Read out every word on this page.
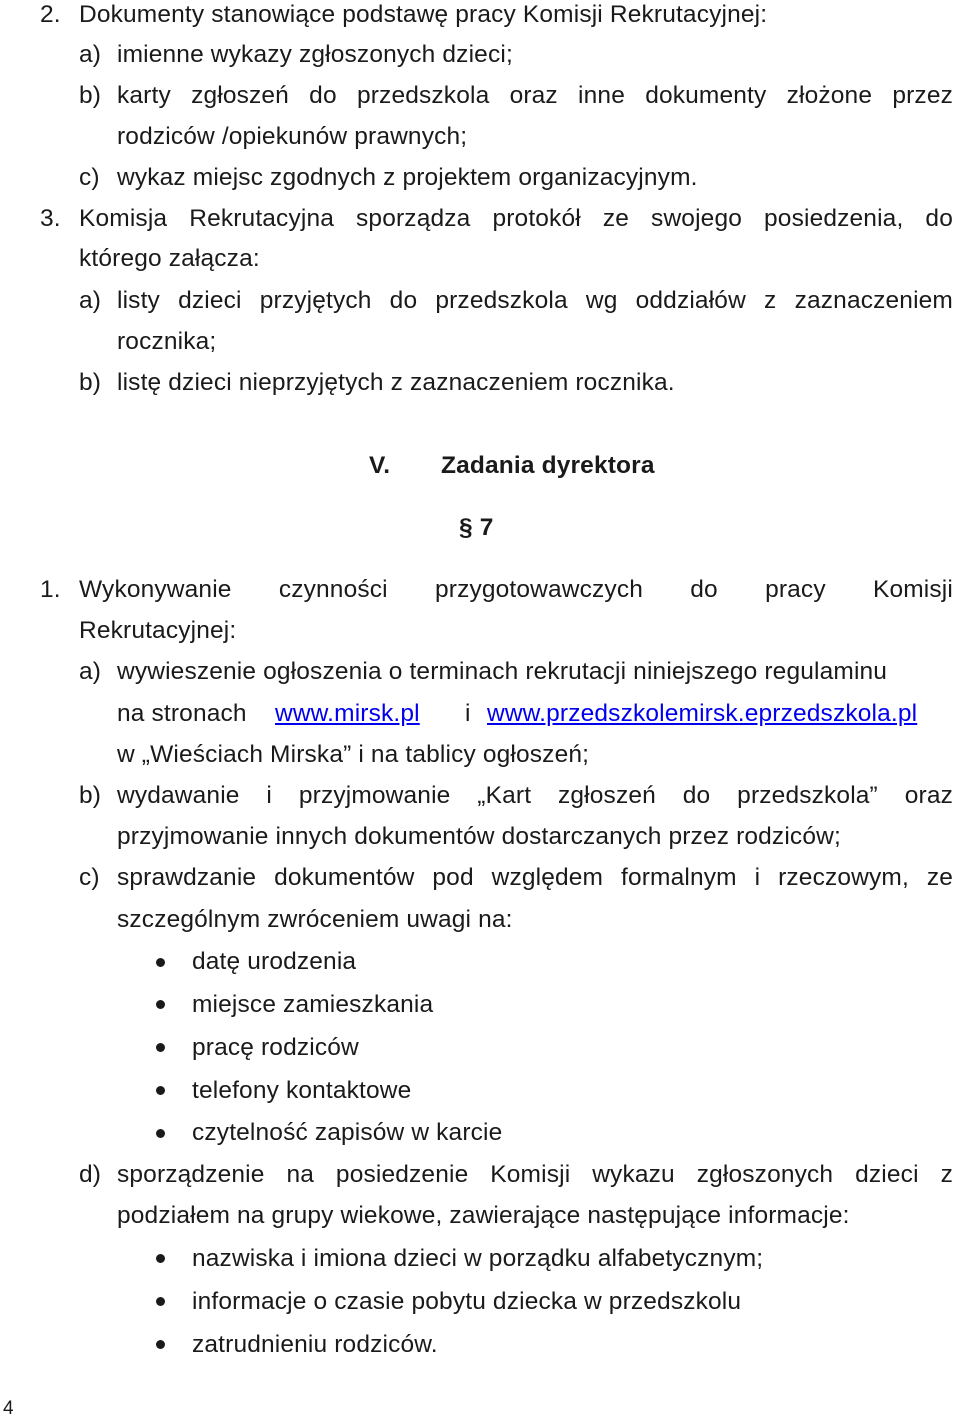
2. Dokumenty stanowiące podstawę pracy Komisji Rekrutacyjnej:
a) imienne wykazy zgłoszonych dzieci;
b) karty zgłoszeń do przedszkola oraz inne dokumenty złożone przez
rodziców /opiekunów prawnych;
c) wykaz miejsc zgodnych z projektem organizacyjnym.
3. Komisja Rekrutacyjna sporządza protokół ze swojego posiedzenia, do
którego załącza:
a) listy dzieci przyjętych do przedszkola wg oddziałów z zaznaczeniem
rocznika;
b) listę dzieci nieprzyjętych z zaznaczeniem rocznika.
V. Zadania dyrektora
§ 7
1. Wykonywanie czynności przygotowawczych do pracy Komisji
Rekrutacyjnej:
a) wywieszenie ogłoszenia o terminach rekrutacji niniejszego regulaminu
na stronach www.mirsk.pl i www.przedszkolemirsk.eprzedszkola.pl
w „Wieściach Mirska” i na tablicy ogłoszeń;
b) wydawanie i przyjmowanie „Kart zgłoszeń do przedszkola” oraz
przyjmowanie innych dokumentów dostarczanych przez rodziców;
c) sprawdzanie dokumentów pod względem formalnym i rzeczowym, ze
szczególnym zwróceniem uwagi na:
datę urodzenia
miejsce zamieszkania
pracę rodziców
telefony kontaktowe
czytelność zapisów w karcie
d) sporządzenie na posiedzenie Komisji wykazu zgłoszonych dzieci z
podziałem na grupy wiekowe, zawierające następujące informacje:
nazwiska i imiona dzieci w porządku alfabetycznym;
informacje o czasie pobytu dziecka w przedszkolu
zatrudnieniu rodziców.
4
